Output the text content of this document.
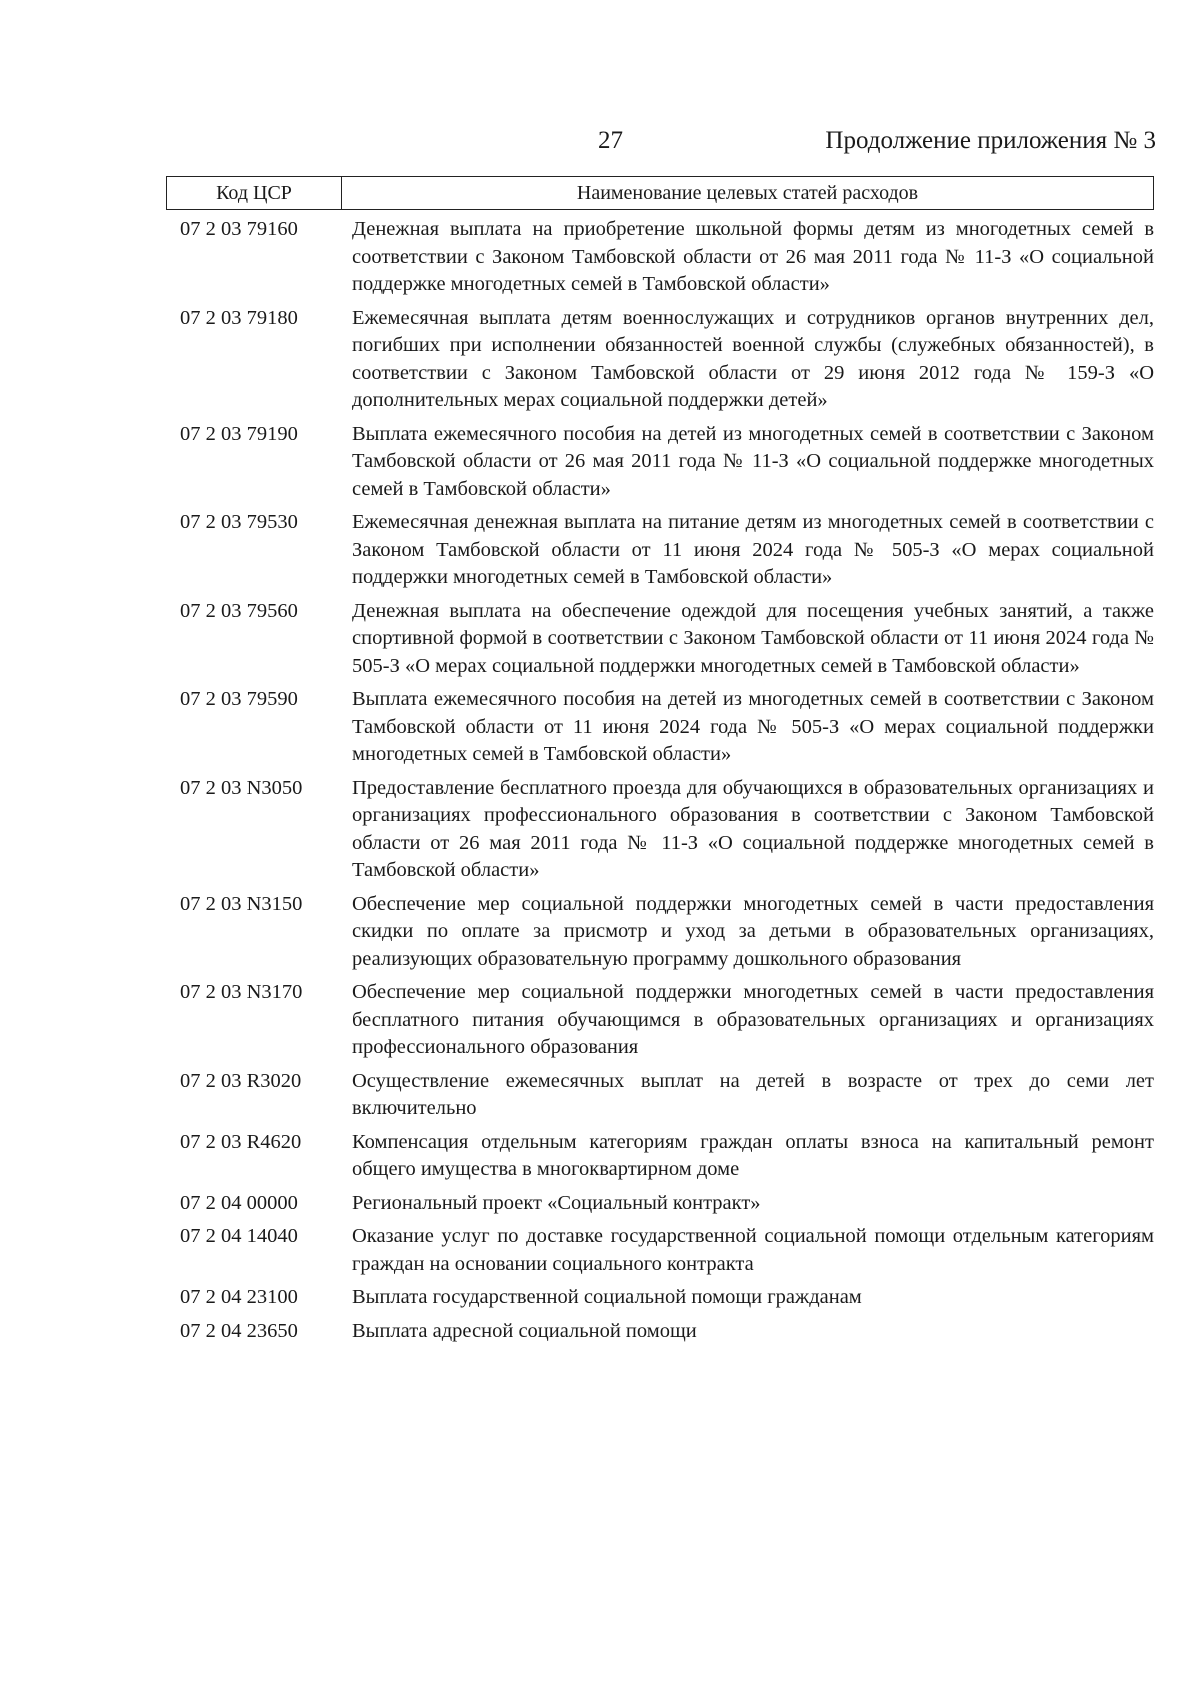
27	Продолжение приложения № 3
Код ЦСР	Наименование целевых статей расходов
07 2 03 79160	Денежная выплата на приобретение школьной формы детям из многодетных семей в соответствии с Законом Тамбовской области от 26 мая 2011 года № 11-З «О социальной поддержке многодетных семей в Тамбовской области»
07 2 03 79180	Ежемесячная выплата детям военнослужащих и сотрудников органов внутренних дел, погибших при исполнении обязанностей военной службы (служебных обязанностей), в соответствии с Законом Тамбовской области от 29 июня 2012 года № 159-З «О дополнительных мерах социальной поддержки детей»
07 2 03 79190	Выплата ежемесячного пособия на детей из многодетных семей в соответствии с Законом Тамбовской области от 26 мая 2011 года № 11-З «О социальной поддержке многодетных семей в Тамбовской области»
07 2 03 79530	Ежемесячная денежная выплата на питание детям из многодетных семей в соответствии с Законом Тамбовской области от 11 июня 2024 года № 505-З «О мерах социальной поддержки многодетных семей в Тамбовской области»
07 2 03 79560	Денежная выплата на обеспечение одеждой для посещения учебных занятий, а также спортивной формой в соответствии с Законом Тамбовской области от 11 июня 2024 года № 505-З «О мерах социальной поддержки многодетных семей в Тамбовской области»
07 2 03 79590	Выплата ежемесячного пособия на детей из многодетных семей в соответствии с Законом Тамбовской области от 11 июня 2024 года № 505-З «О мерах социальной поддержки многодетных семей в Тамбовской области»
07 2 03 N3050	Предоставление бесплатного проезда для обучающихся в образовательных организациях и организациях профессионального образования в соответствии с Законом Тамбовской области от 26 мая 2011 года № 11-З «О социальной поддержке многодетных семей в Тамбовской области»
07 2 03 N3150	Обеспечение мер социальной поддержки многодетных семей в части предоставления скидки по оплате за присмотр и уход за детьми в образовательных организациях, реализующих образовательную программу дошкольного образования
07 2 03 N3170	Обеспечение мер социальной поддержки многодетных семей в части предоставления бесплатного питания обучающимся в образовательных организациях и организациях профессионального образования
07 2 03 R3020	Осуществление ежемесячных выплат на детей в возрасте от трех до семи лет включительно
07 2 03 R4620	Компенсация отдельным категориям граждан оплаты взноса на капитальный ремонт общего имущества в многоквартирном доме
07 2 04 00000	Региональный проект «Социальный контракт»
07 2 04 14040	Оказание услуг по доставке государственной социальной помощи отдельным категориям граждан на основании социального контракта
07 2 04 23100	Выплата государственной социальной помощи гражданам
07 2 04 23650	Выплата адресной социальной помощи
